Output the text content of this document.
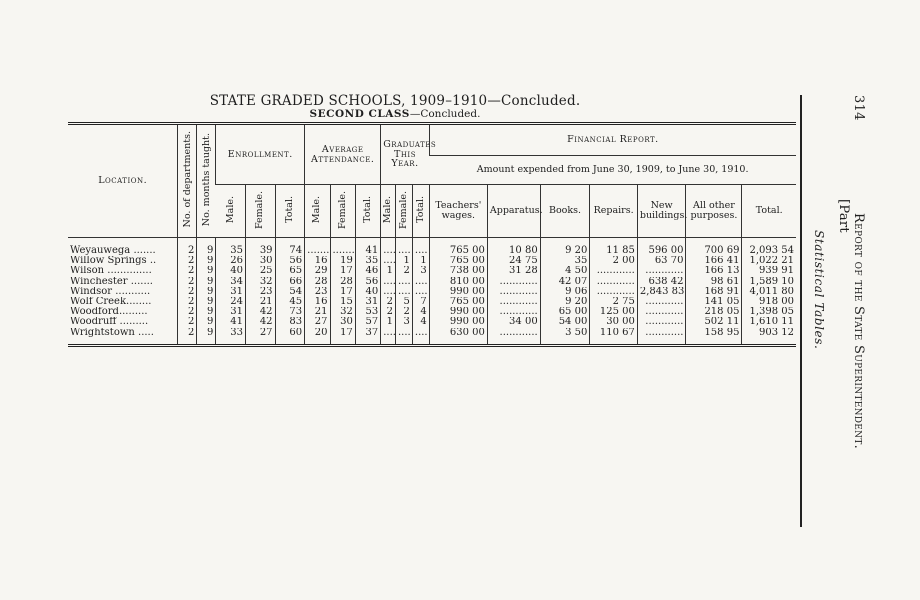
STATE GRADED SCHOOLS, 1909–1910—Concluded.
SECOND CLASS—Concluded.
Location.	No. of departments.	No. months taught.	Enrollment.			Average Attendance.			Graduates This Year.			Financial Report.						
												Amount expended from June 30, 1909, to June 30, 1910.						
			Male.	Female.	Total.	Male.	Female.	Total.	Male.	Female.	Total.	Teachers' wages.	Apparatus.	Books.	Repairs.	New buildings.	All other purposes.	Total.
Weyauwega .......	2	9	35	39	74	.......	.......	41	....	....	....	765 00	10 80	9 20	11 85	596 00	700 69	2,093 54
Willow Springs ..	2	9	26	30	56	16	19	35	....	1	1	765 00	24 75	35	2 00	63 70	166 41	1,022 21
Wilson ..............	2	9	40	25	65	29	17	46	1	2	3	738 00	31 28	4 50	............	............	166 13	939 91
Winchester .......	2	9	34	32	66	28	28	56	....	....	....	810 00	............	42 07	............	638 42	98 61	1,589 10
Windsor ...........	2	9	31	23	54	23	17	40	....	....	....	990 00	............	9 06	............	2,843 83	168 91	4,011 80
Wolf Creek........	2	9	24	21	45	16	15	31	2	5	7	765 00	............	9 20	2 75	............	141 05	918 00
Woodford.........	2	9	31	42	73	21	32	53	2	2	4	990 00	............	65 00	125 00	............	218 05	1,398 05
Woodruff .........	2	9	41	42	83	27	30	57	1	3	4	990 00	34 00	54 00	30 00	............	502 11	1,610 11
Wrightstown .....	2	9	33	27	60	20	17	37	....	....	....	630 00	............	3 50	110 67	............	158 95	903 12 Statistical Tables.
314Report of the State Superintendent.[Part
